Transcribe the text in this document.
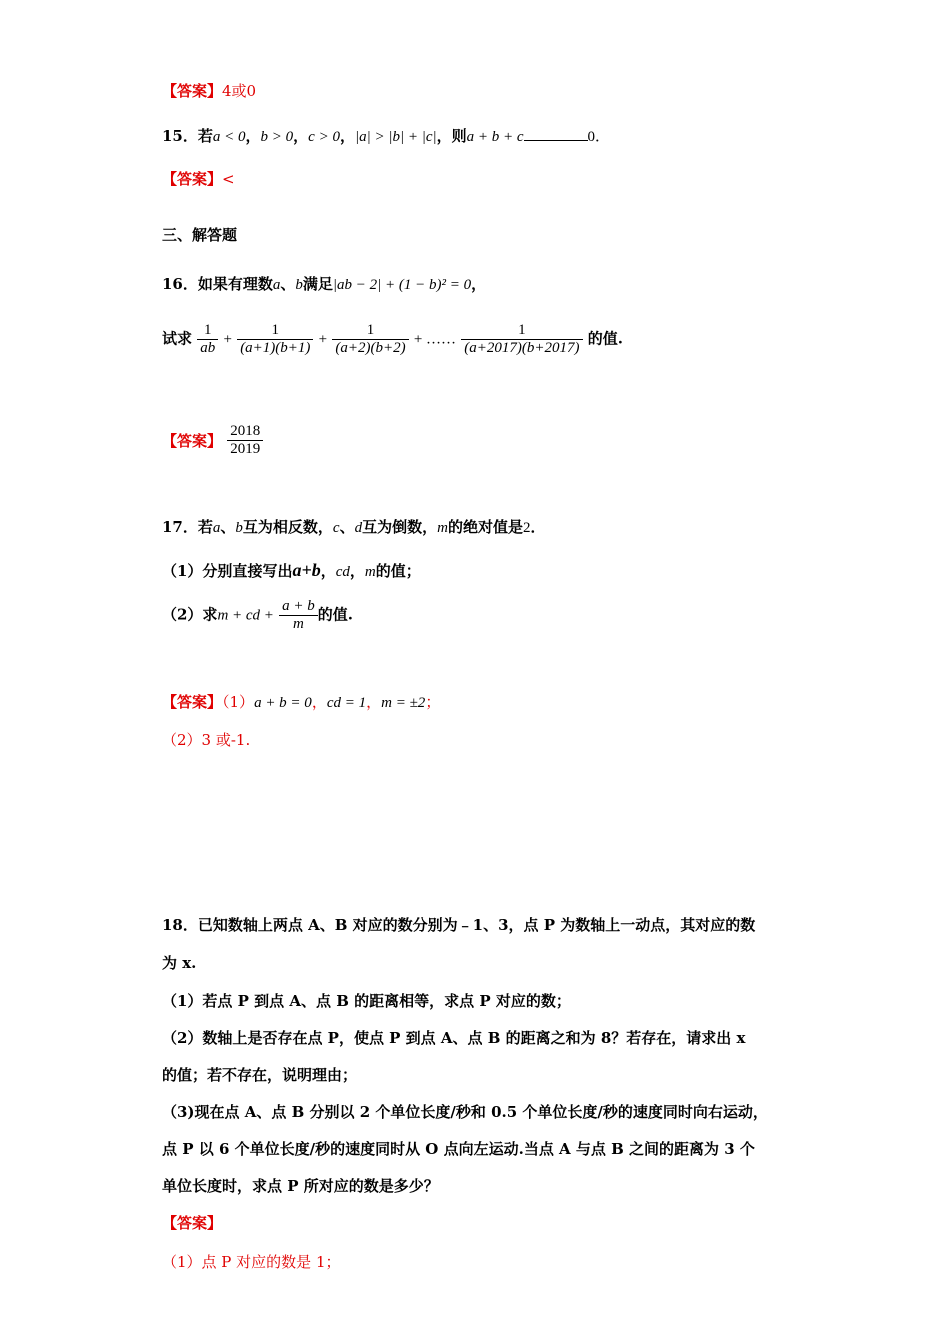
【答案】4或0
15．若a < 0，b > 0，c > 0，|a| > |b| + |c|，则a + b + c	0．
【答案】<
三、解答题
16．如果有理数a、b满足|ab − 2| + (1 − b)² = 0，
试求 $\frac{1}{ab} + \frac{1}{(a+1)(b+1)} + \frac{1}{(a+2)(b+2)}$ + …… $\frac{1}{(a+2017)(b+2017)}$ 的值.
【答案】 $\frac{2018}{2019}$
17．若a、b互为相反数，c、d互为倒数，m的绝对值是2．
（1）分别直接写出a+b，cd，m的值；
（2）求m + cd + $\frac{a + b}{m}$ 的值.
【答案】（1）a + b = 0，cd = 1，m = ±2；
（2）3 或-1.
18．已知数轴上两点 A、B 对应的数分别为﹣1、3，点 P 为数轴上一动点，其对应的数
为 x.
（1）若点 P 到点 A、点 B 的距离相等，求点 P 对应的数；
（2）数轴上是否存在点 P，使点 P 到点 A、点 B 的距离之和为 8？若存在，请求出 x
的值；若不存在，说明理由；
（3)现在点 A、点 B 分别以 2 个单位长度/秒和 0.5 个单位长度/秒的速度同时向右运动，
点 P 以 6 个单位长度/秒的速度同时从 O 点向左运动.当点 A 与点 B 之间的距离为 3 个
单位长度时，求点 P 所对应的数是多少？
【答案】
（1）点 P 对应的数是 1；
